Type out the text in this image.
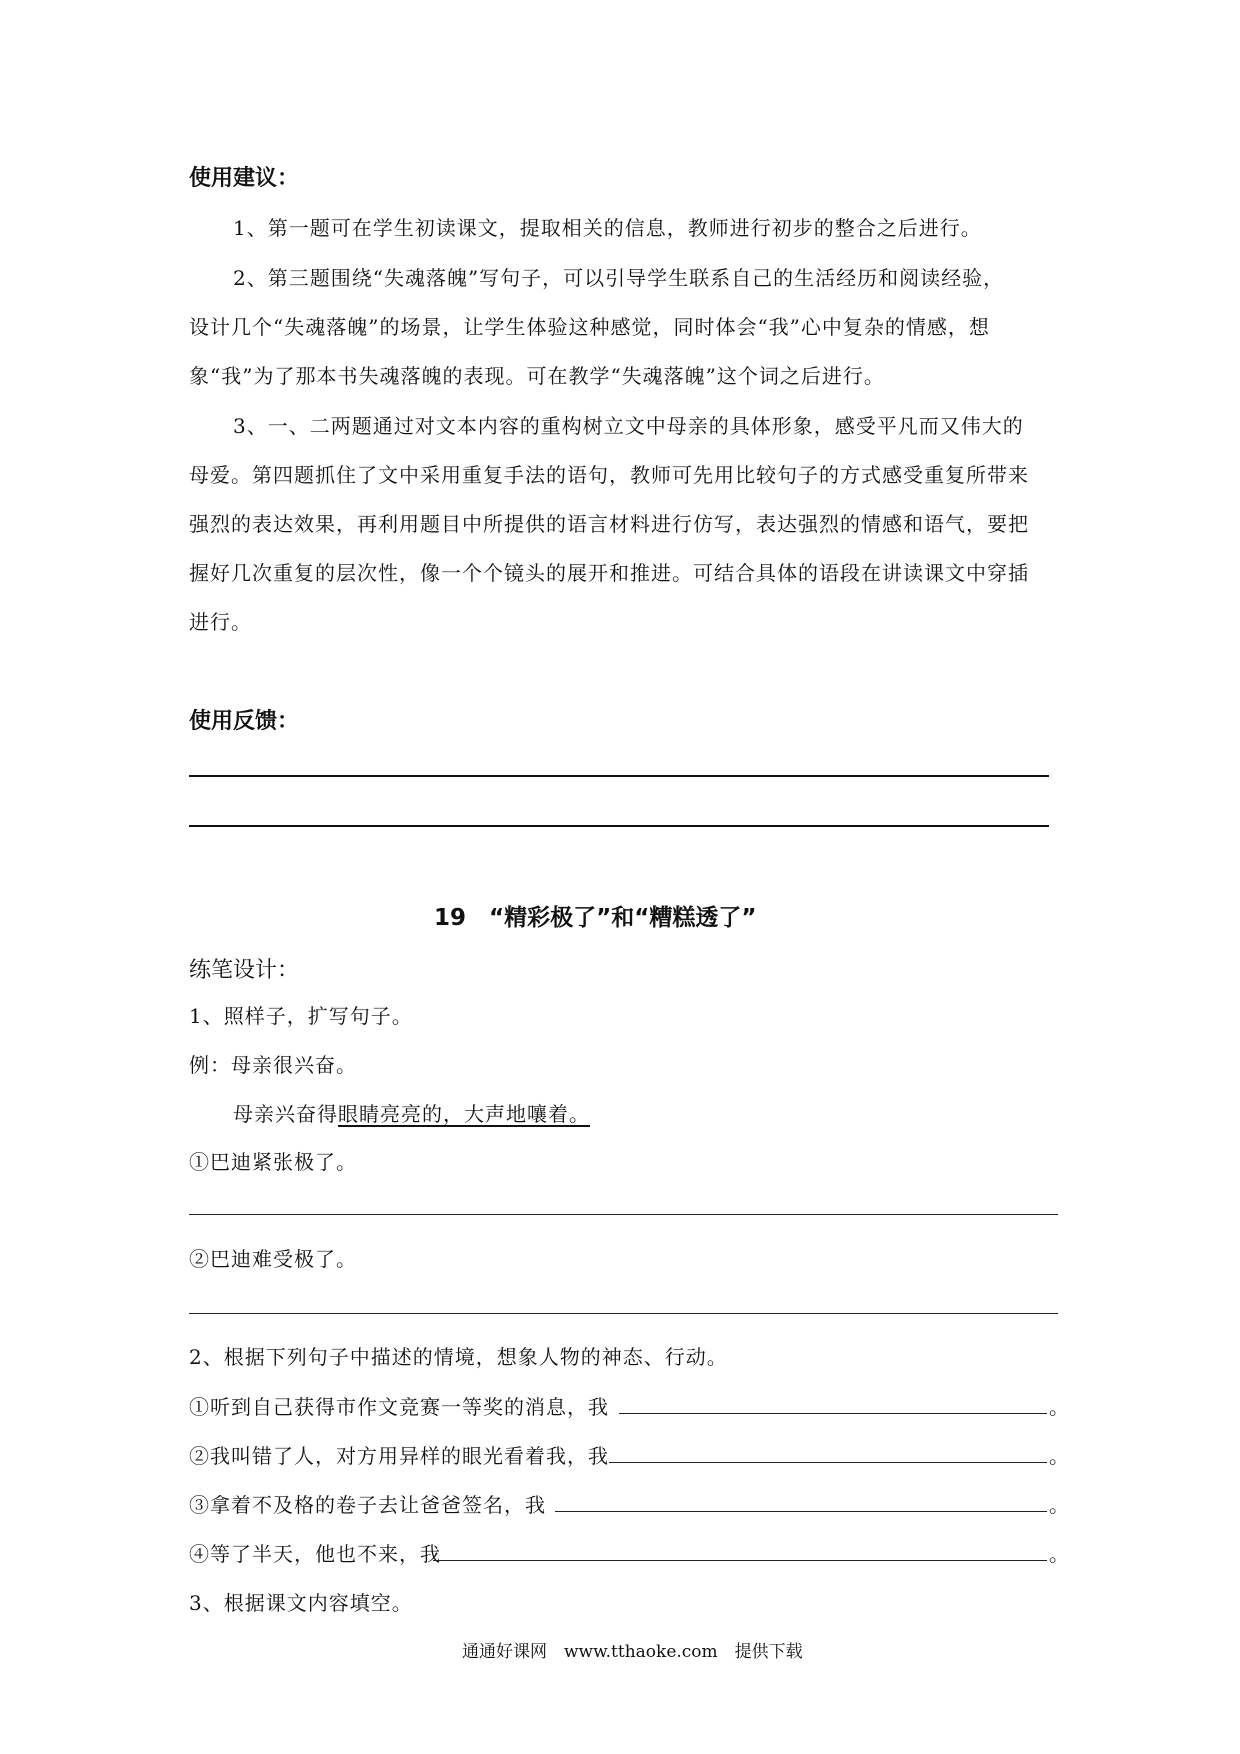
使用建议：
1、第一题可在学生初读课文，提取相关的信息，教师进行初步的整合之后进行。
2、第三题围绕“失魂落魄”写句子，可以引导学生联系自己的生活经历和阅读经验，
设计几个“失魂落魄”的场景，让学生体验这种感觉，同时体会“我”心中复杂的情感，想
象“我”为了那本书失魂落魄的表现。可在教学“失魂落魄”这个词之后进行。
3、一、二两题通过对文本内容的重构树立文中母亲的具体形象，感受平凡而又伟大的
母爱。第四题抓住了文中采用重复手法的语句，教师可先用比较句子的方式感受重复所带来
强烈的表达效果，再利用题目中所提供的语言材料进行仿写，表达强烈的情感和语气，要把
握好几次重复的层次性，像一个个镜头的展开和推进。可结合具体的语段在讲读课文中穿插
进行。
使用反馈：
19　“精彩极了”和“糟糕透了”
练笔设计：
1、照样子，扩写句子。
例：母亲很兴奋。
母亲兴奋得眼睛亮亮的，大声地嚷着。
①巴迪紧张极了。
②巴迪难受极了。
2、根据下列句子中描述的情境，想象人物的神态、行动。
①听到自己获得市作文竞赛一等奖的消息，我	。
②我叫错了人，对方用异样的眼光看着我，我	。
③拿着不及格的卷子去让爸爸签名，我	。
④等了半天，他也不来，我	。
3、根据课文内容填空。
通通好课网　www.tthaoke.com　提供下载
